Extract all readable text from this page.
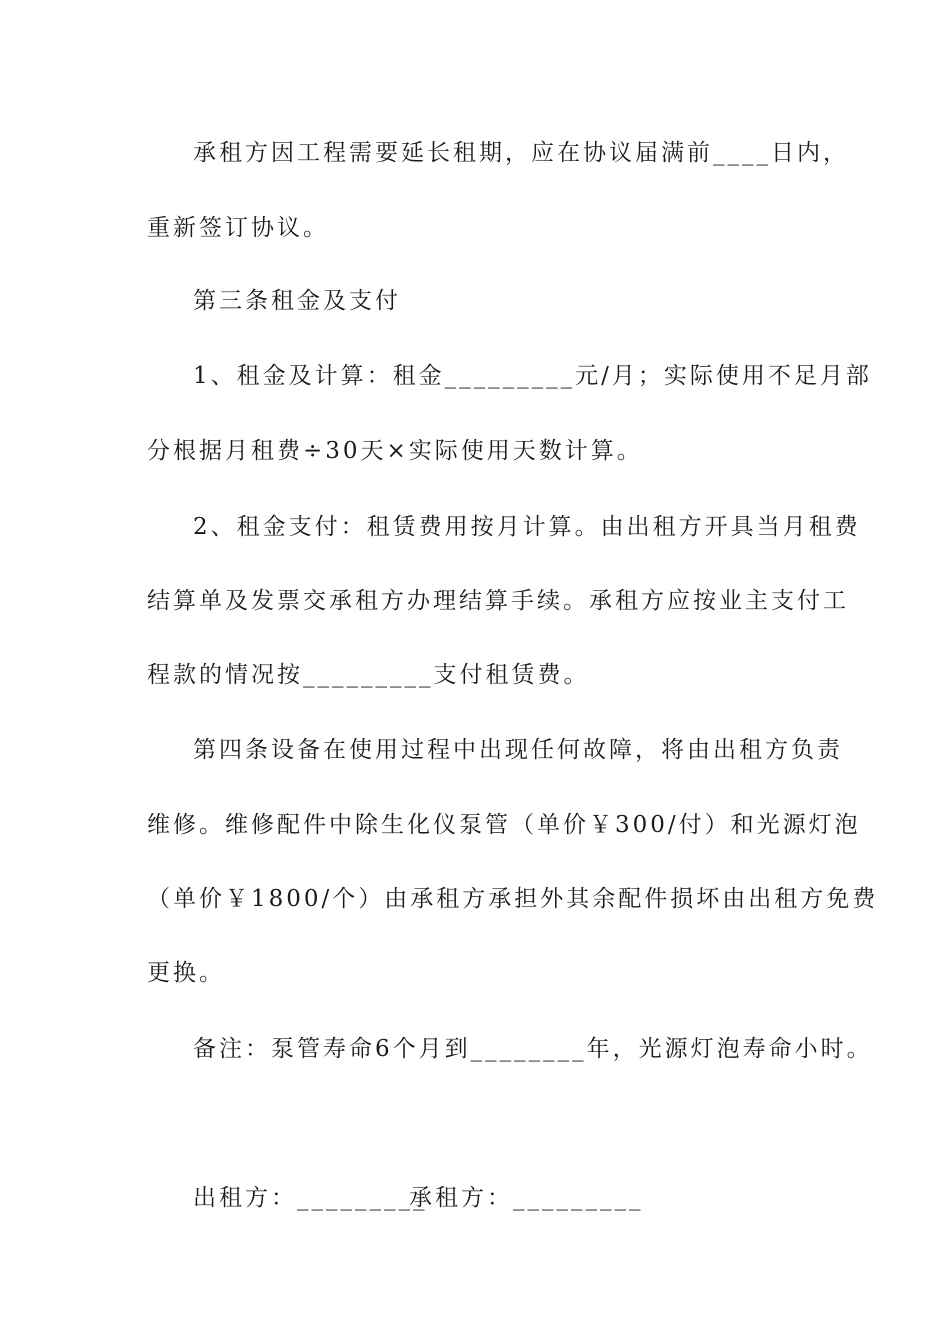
承租方因工程需要延长租期，应在协议届满前____日内，
重新签订协议。
第三条租金及支付
1、租金及计算：租金_________元/月；实际使用不足月部
分根据月租费÷30天×实际使用天数计算。
2、租金支付：租赁费用按月计算。由出租方开具当月租费
结算单及发票交承租方办理结算手续。承租方应按业主支付工
程款的情况按_________支付租赁费。
第四条设备在使用过程中出现任何故障，将由出租方负责
维修。维修配件中除生化仪泵管（单价￥300/付）和光源灯泡
（单价￥1800/个）由承租方承担外其余配件损坏由出租方免费
更换。
备注：泵管寿命6个月到________年，光源灯泡寿命小时。
出租方：_________
承租方：_________
